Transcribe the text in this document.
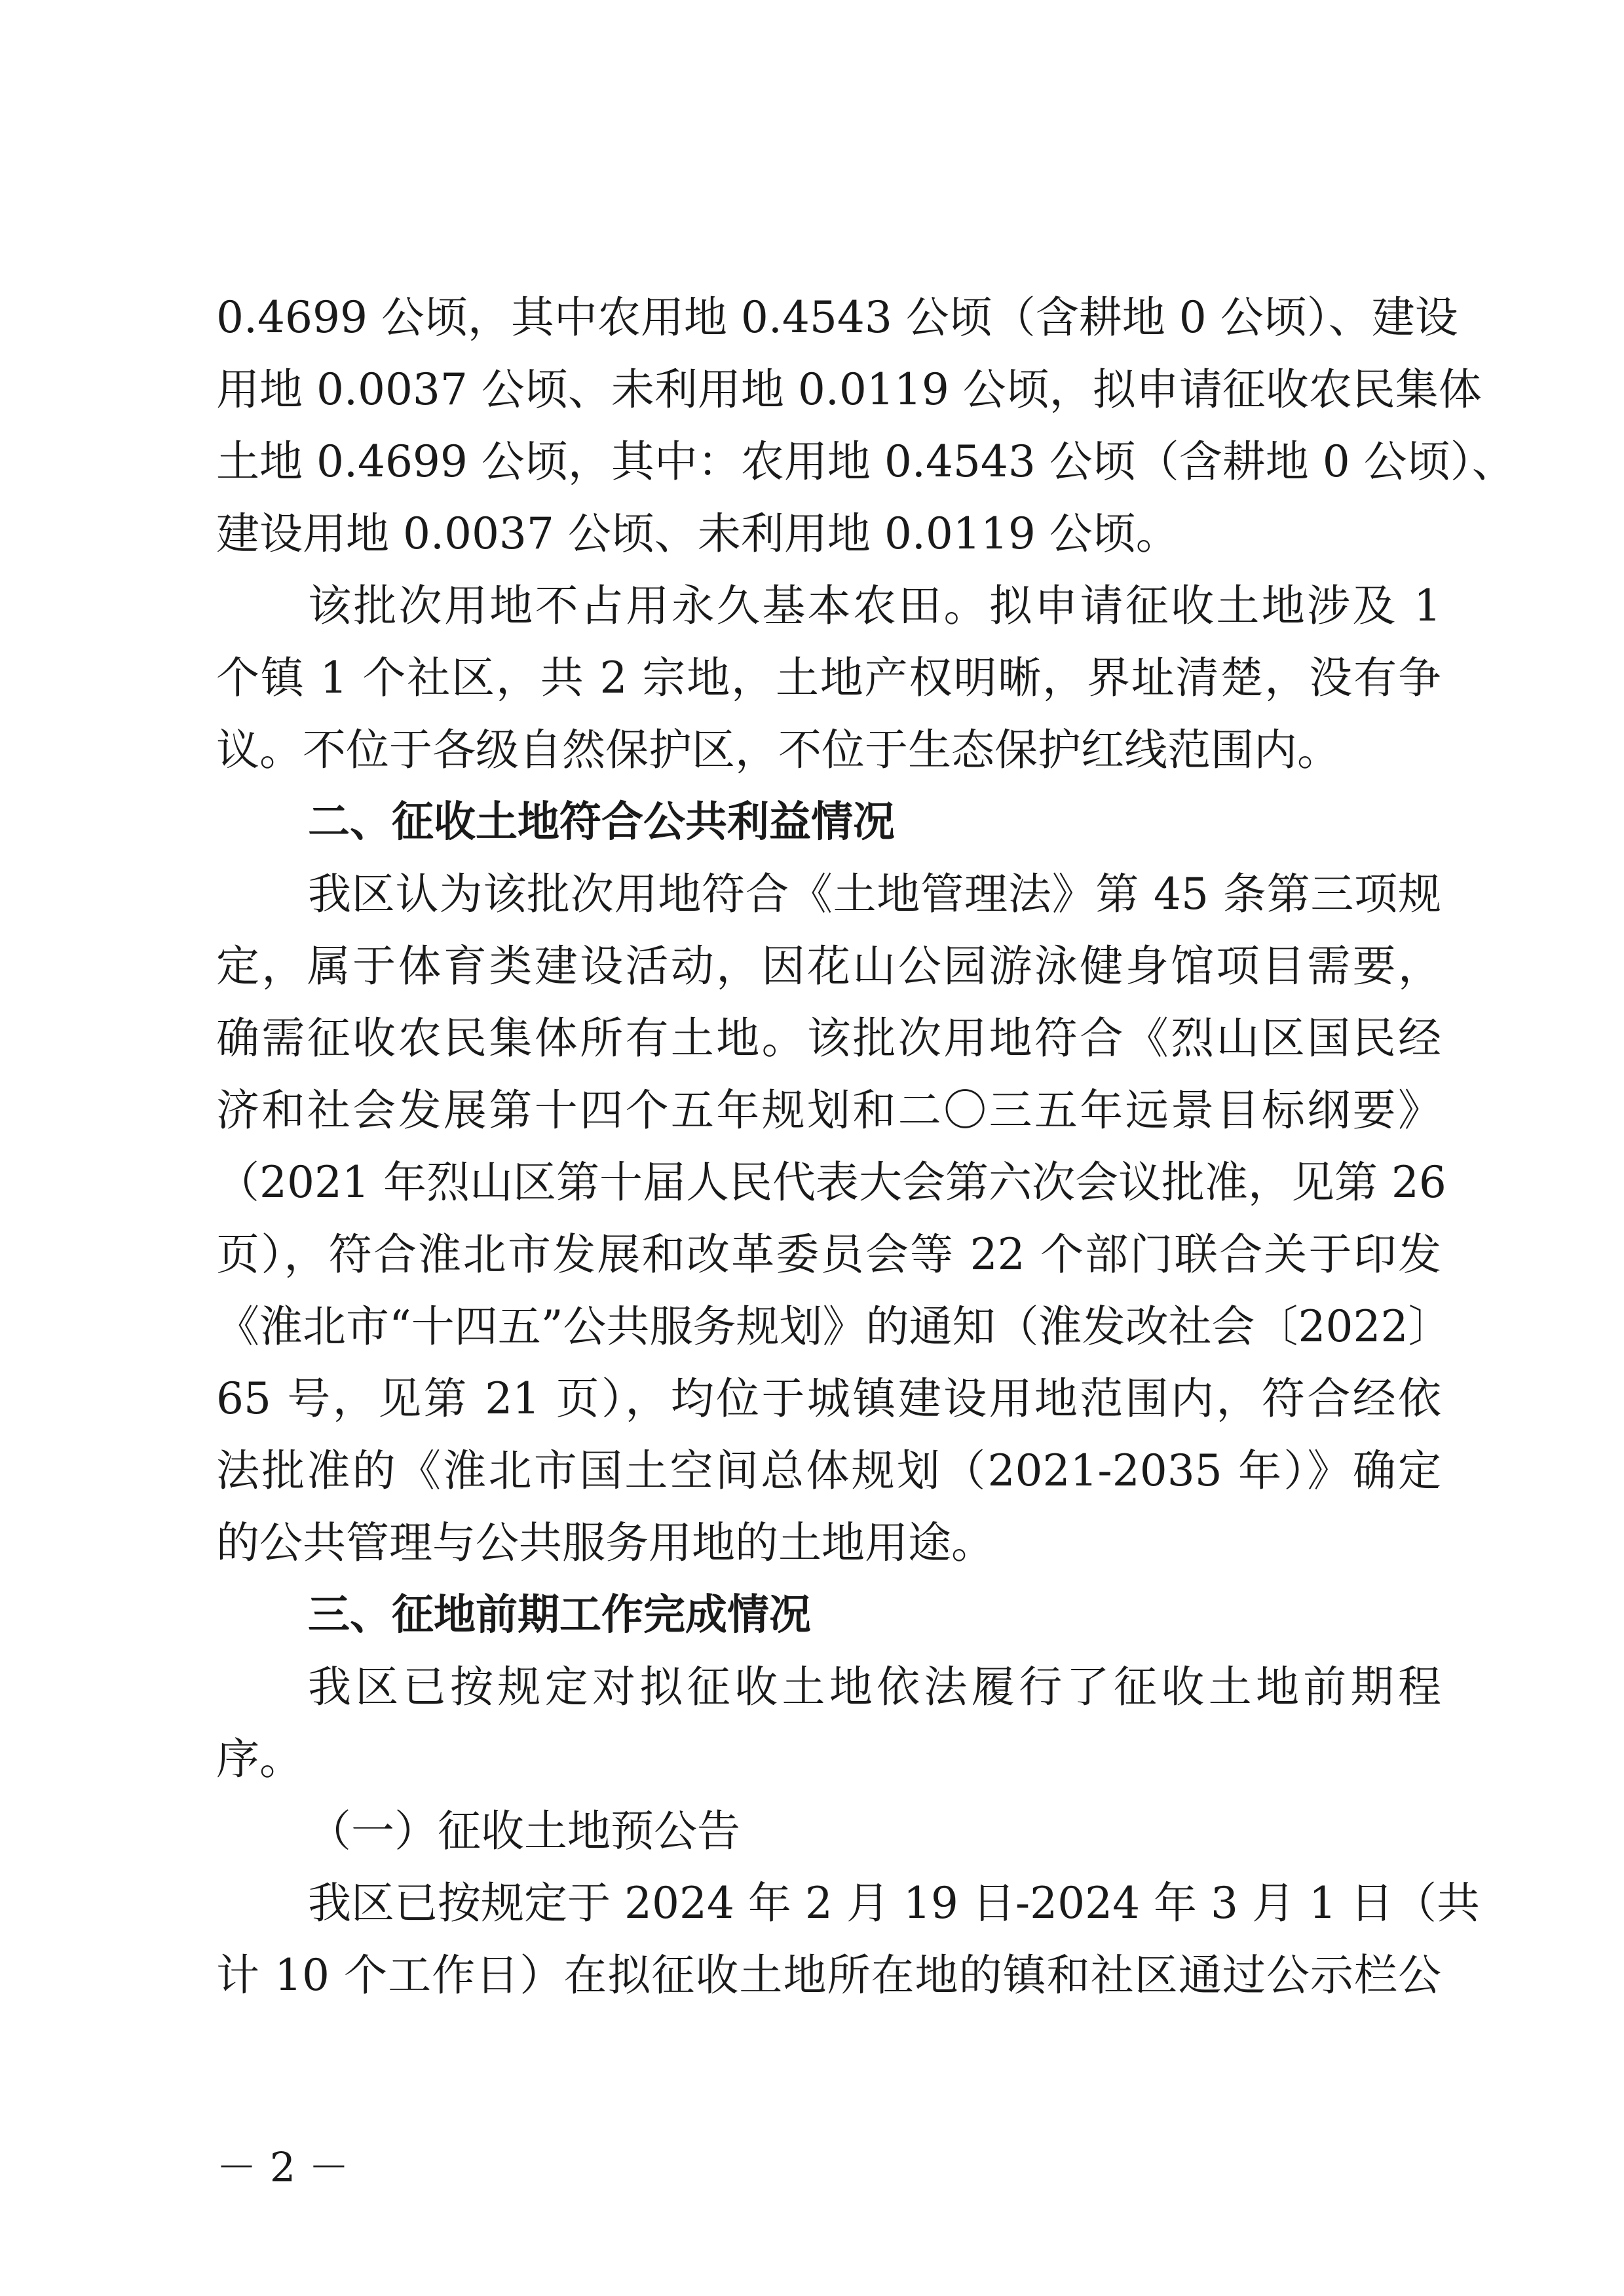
0.4699 公顷，其中农用地 0.4543 公顷（含耕地 0 公顷）、建设
用地 0.0037 公顷、未利用地 0.0119 公顷，拟申请征收农民集体
土地 0.4699 公顷，其中：农用地 0.4543 公顷（含耕地 0 公顷）、
建设用地 0.0037 公顷、未利用地 0.0119 公顷。
该批次用地不占用永久基本农田。拟申请征收土地涉及 1
个镇 1 个社区，共 2 宗地，土地产权明晰，界址清楚，没有争
议。不位于各级自然保护区，不位于生态保护红线范围内。
二、征收土地符合公共利益情况
我区认为该批次用地符合《土地管理法》第 45 条第三项规
定，属于体育类建设活动，因花山公园游泳健身馆项目需要，
确需征收农民集体所有土地。该批次用地符合《烈山区国民经
济和社会发展第十四个五年规划和二〇三五年远景目标纲要》
（2021 年烈山区第十届人民代表大会第六次会议批准，见第 26
页），符合淮北市发展和改革委员会等 22 个部门联合关于印发
《淮北市“十四五”公共服务规划》的通知（淮发改社会〔2022〕
65 号，见第 21 页），均位于城镇建设用地范围内，符合经依
法批准的《淮北市国土空间总体规划（2021-2035 年）》确定
的公共管理与公共服务用地的土地用途。
三、征地前期工作完成情况
我区已按规定对拟征收土地依法履行了征收土地前期程
序。
（一）征收土地预公告
我区已按规定于 2024 年 2 月 19 日-2024 年 3 月 1 日（共
计 10 个工作日）在拟征收土地所在地的镇和社区通过公示栏公
－ 2 －
